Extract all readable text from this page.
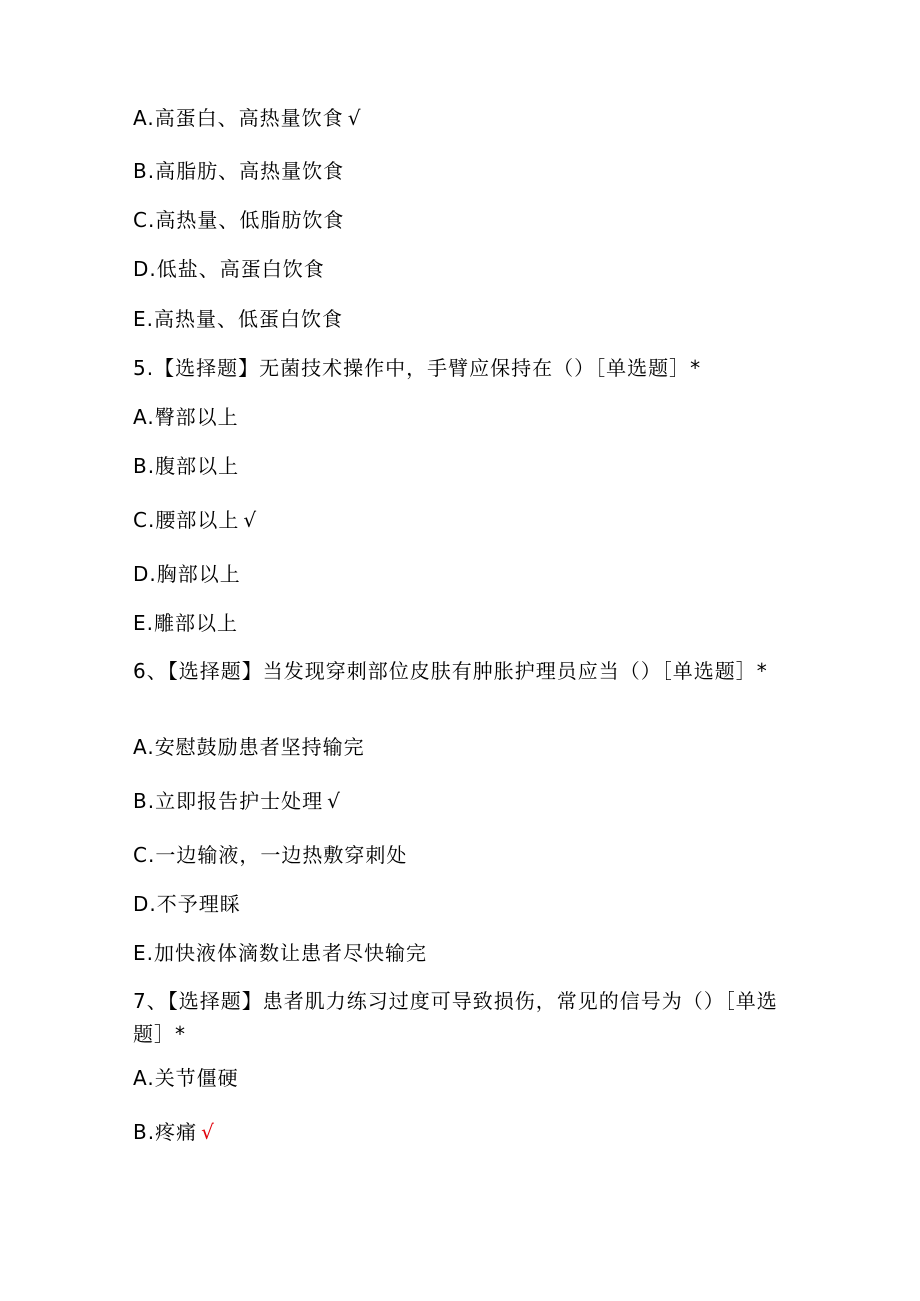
A.高蛋白、高热量饮食 √
B.高脂肪、高热量饮食
C.高热量、低脂肪饮食
D.低盐、高蛋白饮食
E.高热量、低蛋白饮食
5.【选择题】无菌技术操作中，手臂应保持在（）［单选题］*
A.臀部以上
B.腹部以上
C.腰部以上 √
D.胸部以上
E.雕部以上
6、【选择题】当发现穿刺部位皮肤有肿胀护理员应当（）［单选题］*
A.安慰鼓励患者坚持输完
B.立即报告护士处理 √
C.一边输液，一边热敷穿刺处
D.不予理睬
E.加快液体滴数让患者尽快输完
7、【选择题】患者肌力练习过度可导致损伤，常见的信号为（）［单选题］*
A.关节僵硬
B.疼痛 √
